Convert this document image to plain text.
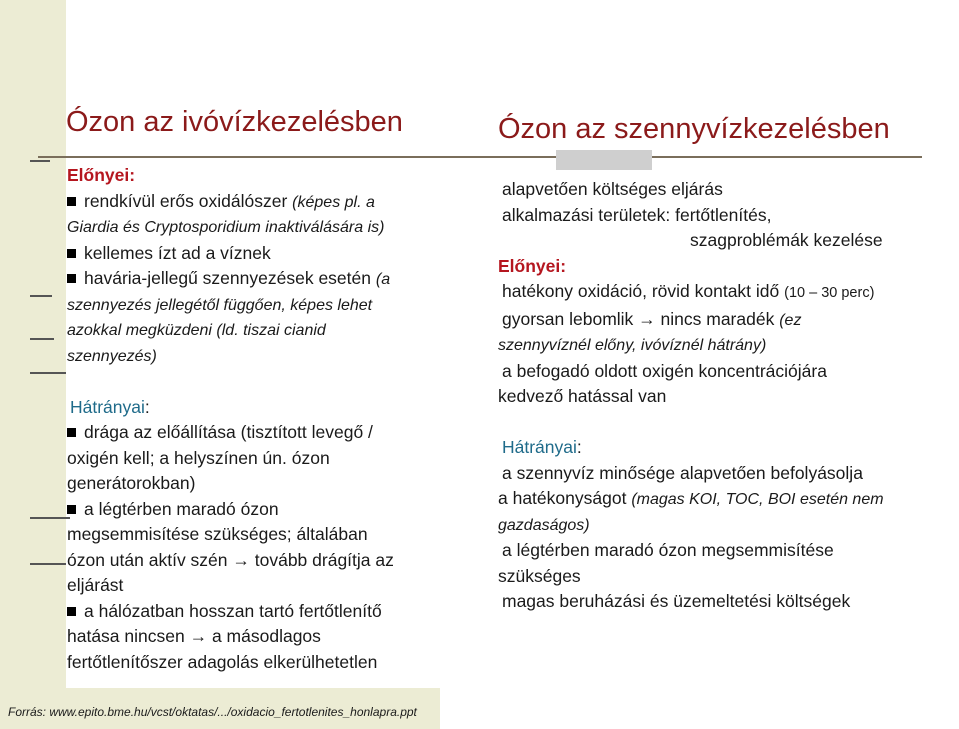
Ózon az ivóvízkezelésben	Ózon az szennyvízkezelésben

Előnyei:

rendkívül erős oxidálószer (képes pl. a

Giardia és Cryptosporidium inaktiválására is)

kellemes ízt ad a víznek

havária-jellegű szennyezések esetén (a

szennyezés jellegétől függően, képes lehet

azokkal megküzdeni (ld. tiszai cianid

szennyezés)

Hátrányai:

drága az előállítása (tisztított levegő /

oxigén kell; a helyszínen ún. ózon

generátorokban)

a légtérben maradó ózon

megsemmisítése szükséges; általában

ózon után aktív szén → tovább drágítja az

eljárást

a hálózatban hosszan tartó fertőtlenítő

hatása nincsen → a másodlagos

fertőtlenítőszer adagolás elkerülhetetlen

alapvetően költséges eljárás

alkalmazási területek: fertőtlenítés,

szagproblémák kezelése

Előnyei:

hatékony oxidáció, rövid kontakt idő (10 – 30 perc)

gyorsan lebomlik → nincs maradék (ez

szennyvíznél előny, ivóvíznél hátrány)

a befogadó oldott oxigén koncentrációjára

kedvező hatással van

Hátrányai:

a szennyvíz minősége alapvetően befolyásolja

a hatékonyságot (magas KOI, TOC, BOI esetén nem

gazdaságos)

a légtérben maradó ózon megsemmisítése

szükséges

magas beruházási és üzemeltetési költségek

Forrás: www.epito.bme.hu/vcst/oktatas/.../oxidacio_fertotlenites_honlapra.ppt
